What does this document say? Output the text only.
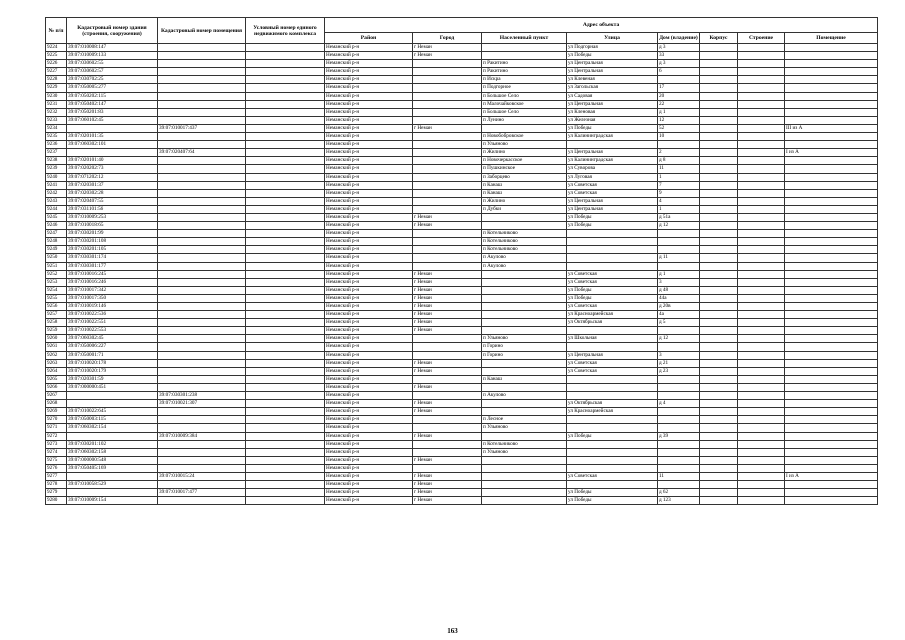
№ п/п	Кадастровый номер здания (строения, сооружения)	Кадастровый номер помещения	Условный номер единого недвижимого комплекса	Адрес объекта							
				Район	Город	Населенный пункт	Улица	Дом (владение)	Корпус	Строение	Помещение
9224	39:07:010008:147			Неманский р-н	г Неман		ул Подгорная	д 3			
9225	39:07:010009:133			Неманский р-н	г Неман		ул Победы	33			
9226	39:07:030602:55			Неманский р-н		п Ракитино	ул Центральная	д 3			
9227	39:07:030602:57			Неманский р-н		п Ракитино	ул Центральная	6			
9228	39:07:030702:25			Неманский р-н		п Искра	ул Клевеная				
9229	39:07:050005:277			Неманский р-н		п Подгорное	ул Загольская	17			
9230	39:07:050202:115			Неманский р-н		п Большое Село	ул Садовая	20			
9231	39:07:050402:147			Неманский р-н		п Малочайковское	ул Центральная	22			
9232	39:07:050201:83			Неманский р-н		п Большое Село	ул Кленовая	д 1			
9233	39:07:060102:45			Неманский р-н		п Лунино	ул Железная	12			
9234		39:07:010017:437		Неманский р-н	г Неман		ул Победы	52			III из А
9235	39:07:020101:35			Неманский р-н		п Новобобровское	ул Калининградская	10			
9236	39:07:060302:101			Неманский р-н		п Ульяново					
9237		39:07:020407:64		Неманский р-н		п Жилино	ул Центральная	2			I из А
9238	39:07:020101:40			Неманский р-н		п Новочеркасское	ул Калининградская	д 8			
9239	39:07:020202:73			Неманский р-н		п Пушкинское	ул Суворова	11			
9240	39:07:071202:12			Неманский р-н		п Заборцево	ул Луговая	1			
9241	39:07:020301:37			Неманский р-н		п Канаш	ул Советская	7			
9242	39:07:020302:28			Неманский р-н		п Канаш	ул Советская	9			
9243	39:07:020407:55			Неманский р-н		п Жилино	ул Центральная	4			
9244	39:07:031101:56			Неманский р-н		п Дубки	ул Центральная	1			
9245	39:07:010009:253			Неманский р-н	г Неман		ул Победы	д 51а			
9246	39:07:010018:65			Неманский р-н	г Неман		ул Победы	д 12			
9247	39:07:030201:99			Неманский р-н		п Котельниково					
9248	39:07:030201:108			Неманский р-н		п Котельниково					
9249	39:07:030201:105			Неманский р-н		п Котельниково					
9250	39:07:030301:174			Неманский р-н		п Акулово		д 11			
9251	39:07:030301:177			Неманский р-н		п Акулово					
9252	39:07:010016:245			Неманский р-н	г Неман		ул Советская	д 1			
9253	39:07:010016:246			Неманский р-н	г Неман		ул Советская	3			
9254	39:07:010017:342			Неманский р-н	г Неман		ул Победы	д 48			
9255	39:07:010017:350			Неманский р-н	г Неман		ул Победы	44а			
9256	39:07:010019:146			Неманский р-н	г Неман		ул Советская	д 20в			
9257	39:07:010022:536			Неманский р-н	г Неман		ул Красноармейская	4а			
9258	39:07:010022:551			Неманский р-н	г Неман		ул Октябрьская	д 5			
9259	39:07:010022:553			Неманский р-н	г Неман						
9260	39:07:060302:45			Неманский р-н		п Ульяново	ул Школьная	д 12			
9261	39:07:050006:227			Неманский р-н		п Горино					
9262	39:07:050001:71			Неманский р-н		п Горино	ул Центральная	3			
9263	39:07:010020:178			Неманский р-н	г Неман		ул Советская	д 21			
9264	39:07:010020:179			Неманский р-н	г Неман		ул Советская	д 23			
9265	39:07:020301:59			Неманский р-н		п Канаш					
9266	39:07:000000:451			Неманский р-н	г Неман						
9267		39:07:030301:238		Неманский р-н		п Акулово					
9268		39:07:010021:307		Неманский р-н	г Неман		ул Октябрьская	д 4			
9269	39:07:010022:645			Неманский р-н	г Неман		ул Красноармейская				
9270	39:07:050003:115			Неманский р-н		п Лесное					
9271	39:07:060302:154			Неманский р-н		п Ульяново					
9272		39:07:010009:384		Неманский р-н	г Неман		ул Победы	д 39			
9273	39:07:030201:102			Неманский р-н		п Котельниково					
9274	39:07:060302:158			Неманский р-н		п Ульяново					
9275	39:07:000000:548			Неманский р-н	г Неман						
9276	39:07:050405:169			Неманский р-н							
9277		39:07:010015:24		Неманский р-н	г Неман		ул Советская	11			I из А
9278	39:07:010058:529			Неманский р-н	г Неман						
9279		39:07:010017:477		Неманский р-н	г Неман		ул Победы	д 62			
9280	39:07:010009:154			Неманский р-н	г Неман		ул Победы	д 123			
163
